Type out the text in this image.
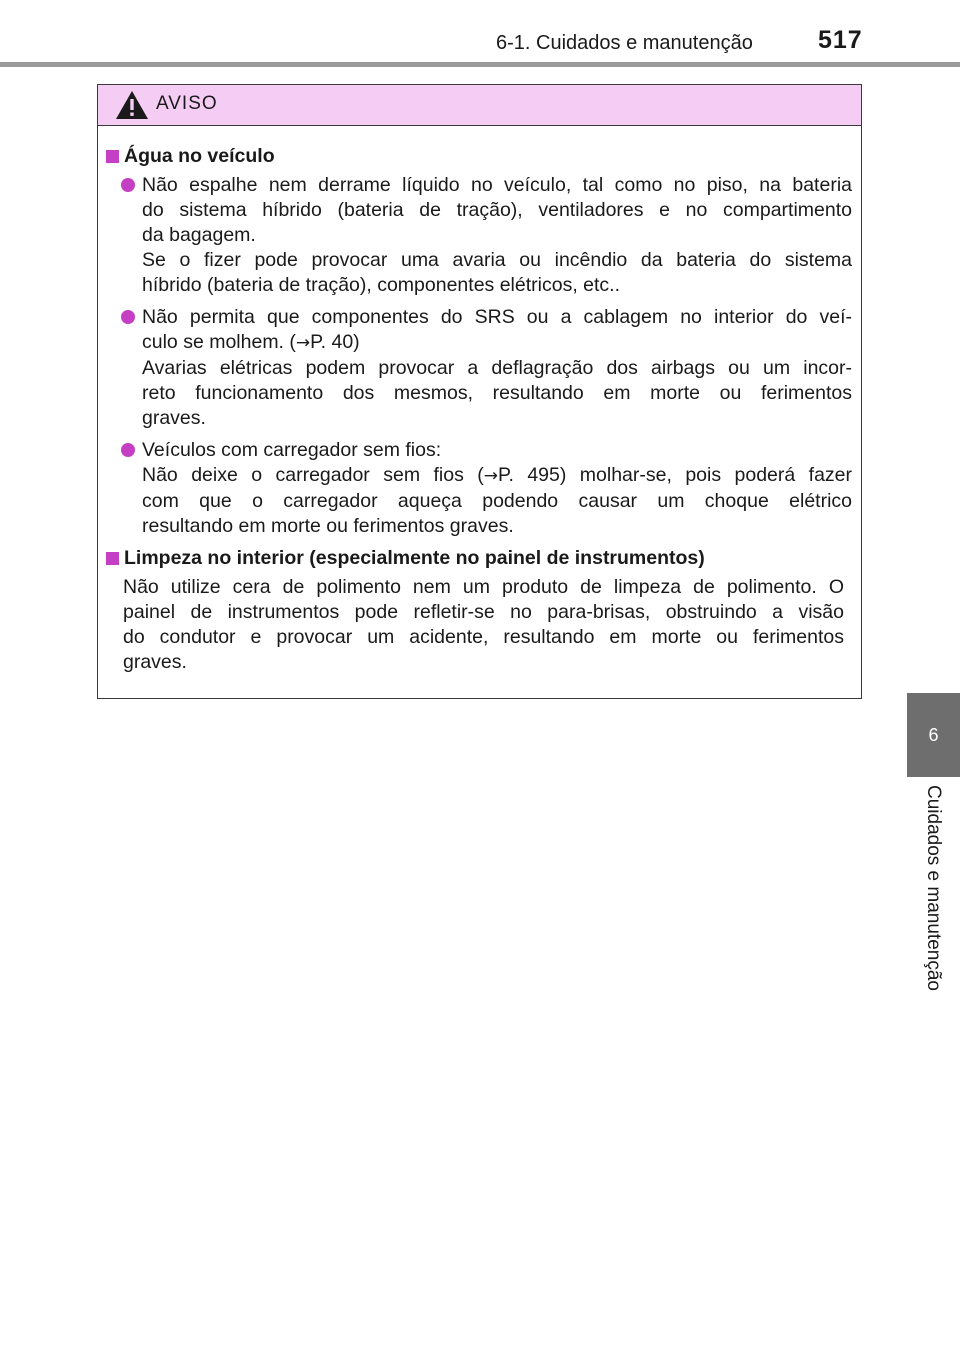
6-1. Cuidados e manutenção	517
6
Cuidados e manutenção
AVISO
Água no veículo
Não espalhe nem derrame líquido no veículo, tal como no piso, na bateria
do sistema híbrido (bateria de tração), ventiladores e no compartimento
da bagagem.
Se o fizer pode provocar uma avaria ou incêndio da bateria do sistema
híbrido (bateria de tração), componentes elétricos, etc..
Não permita que componentes do SRS ou a cablagem no interior do veí-
culo se molhem. (→P. 40)
Avarias elétricas podem provocar a deflagração dos airbags ou um incor-
reto funcionamento dos mesmos, resultando em morte ou ferimentos
graves.
Veículos com carregador sem fios:
Não deixe o carregador sem fios (→P. 495) molhar-se, pois poderá fazer
com que o carregador aqueça podendo causar um choque elétrico
resultando em morte ou ferimentos graves.
Limpeza no interior (especialmente no painel de instrumentos)
Não utilize cera de polimento nem um produto de limpeza de polimento. O
painel de instrumentos pode refletir-se no para-brisas, obstruindo a visão
do condutor e provocar um acidente, resultando em morte ou ferimentos
graves.
